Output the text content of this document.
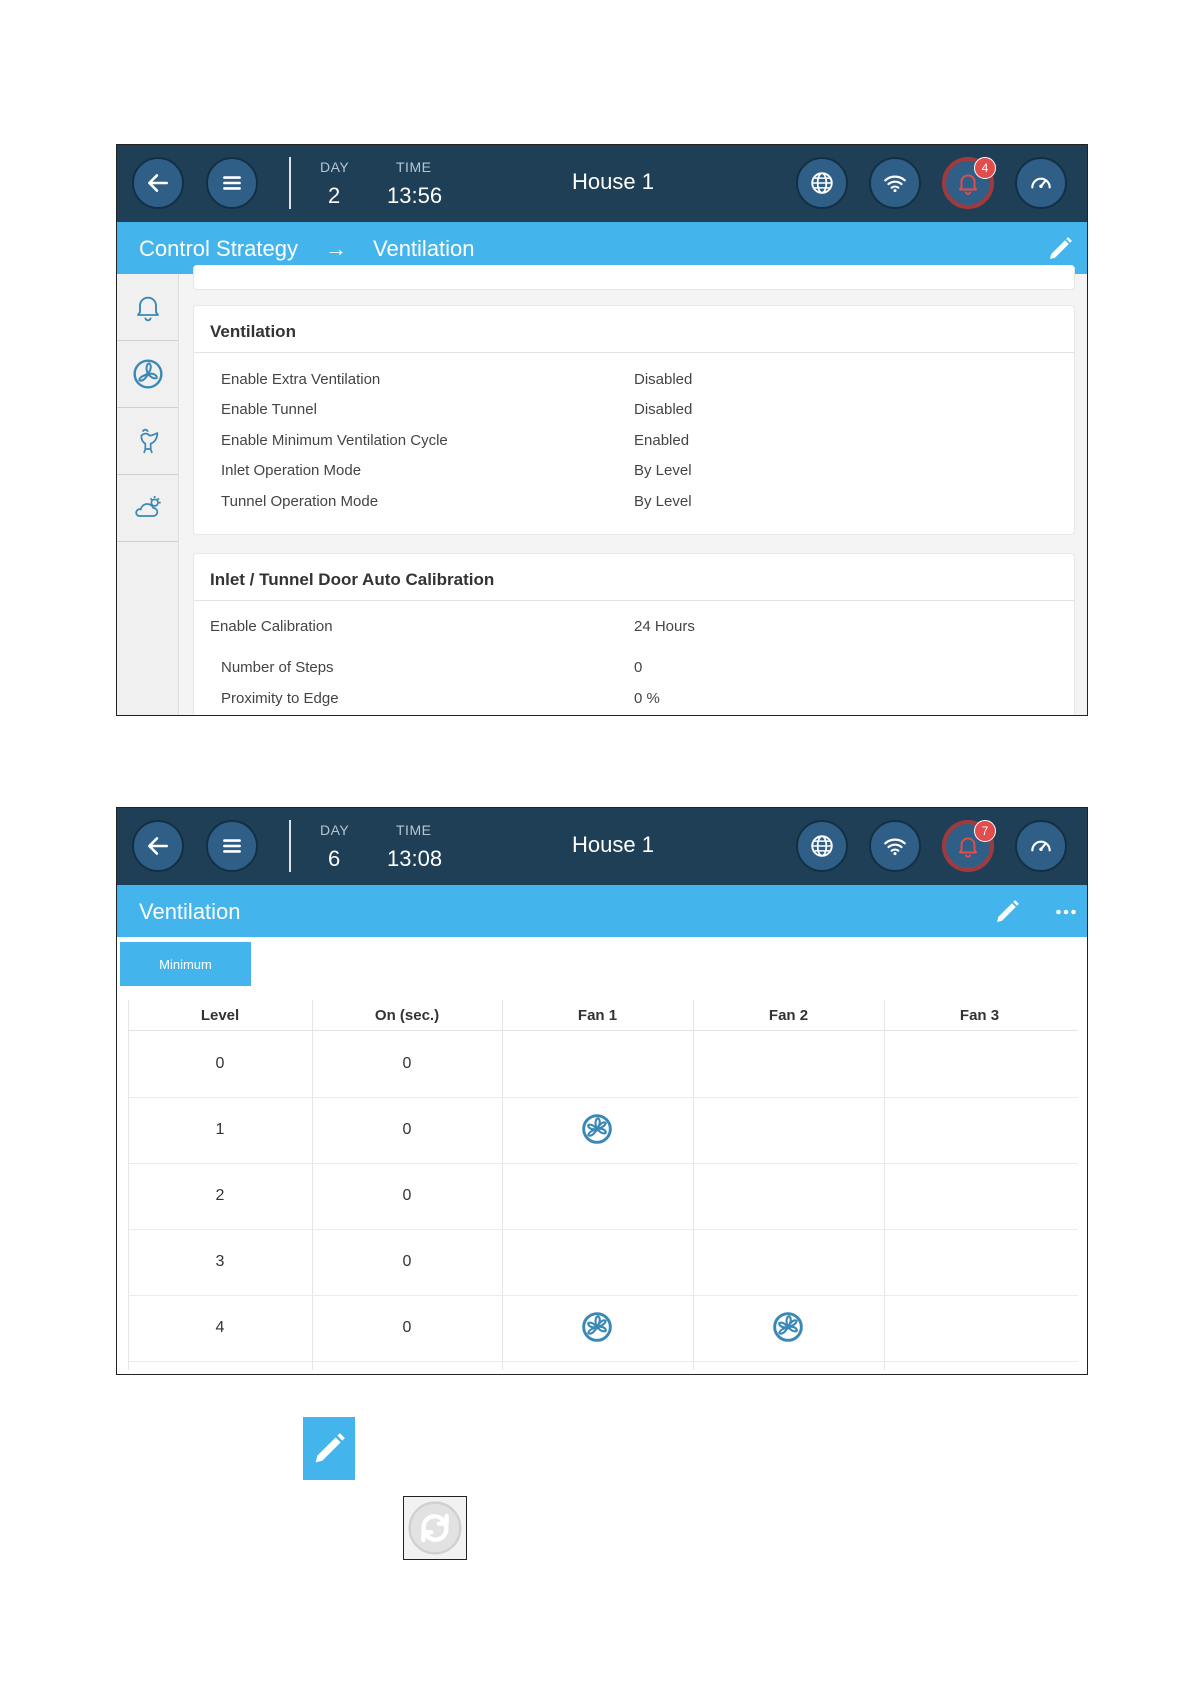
DAY
2
TIME
13:56
House 1
4
Control Strategy → Ventilation
Ventilation
Enable Extra Ventilation	Disabled
Enable Tunnel	Disabled
Enable Minimum Ventilation Cycle	Enabled
Inlet Operation Mode	By Level
Tunnel Operation Mode	By Level
Inlet / Tunnel Door Auto Calibration
Enable Calibration	24 Hours
Number of Steps	0
Proximity to Edge	0 %
DAY
6
TIME
13:08
House 1
7
Ventilation
Minimum
Level	On (sec.)	Fan 1	Fan 2	Fan 3
0	0
1	0
2	0
3	0
4	0
